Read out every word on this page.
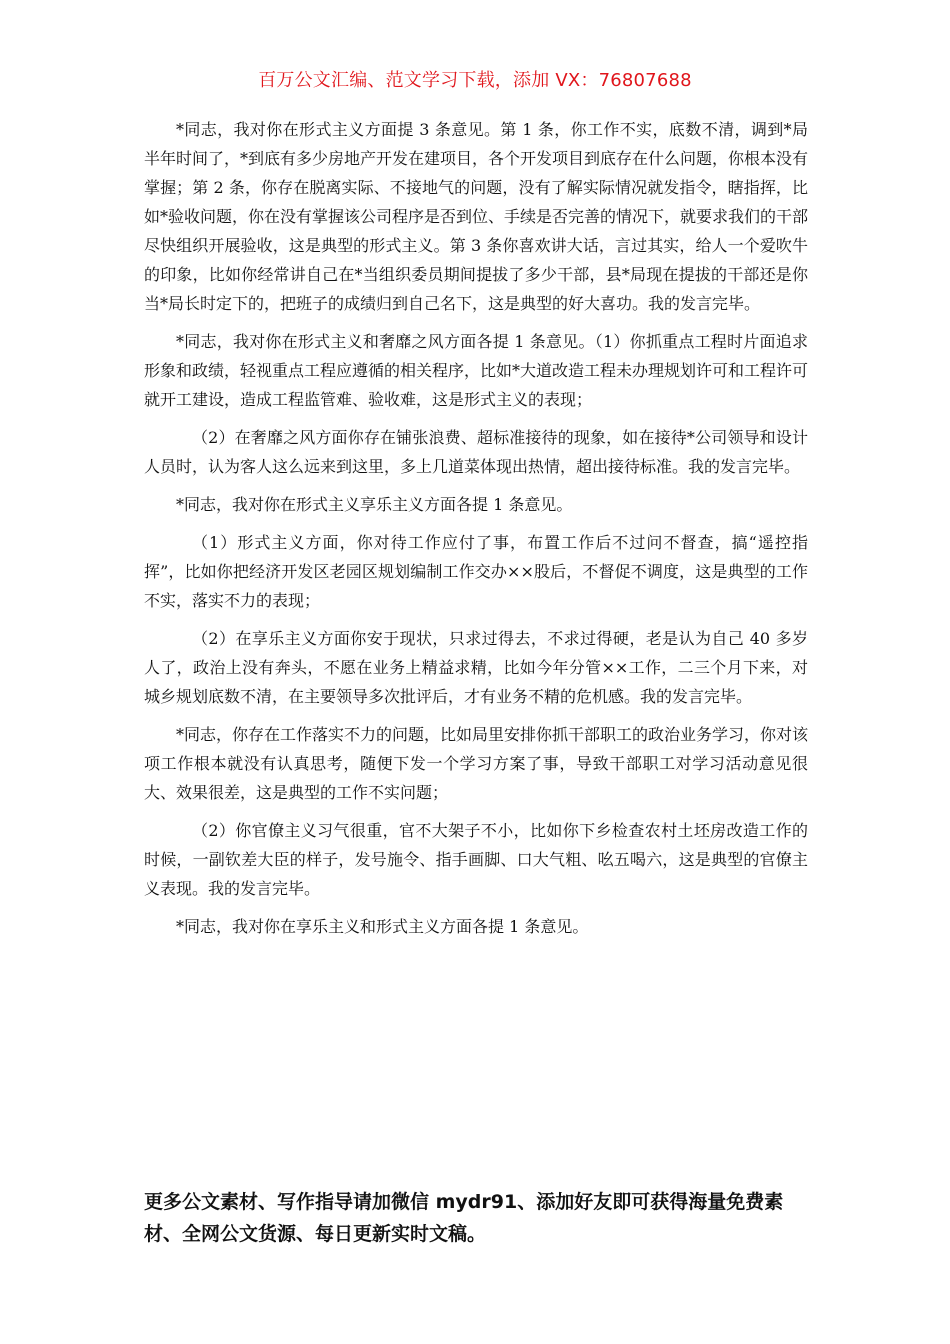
百万公文汇编、范文学习下载，添加 VX：76807688

*同志，我对你在形式主义方面提 3 条意见。第 1 条，你工作不实，底数不清，调到*局半年时间了，*到底有多少房地产开发在建项目，各个开发项目到底存在什么问题，你根本没有掌握；第 2 条，你存在脱离实际、不接地气的问题，没有了解实际情况就发指令，瞎指挥，比如*验收问题，你在没有掌握该公司程序是否到位、手续是否完善的情况下，就要求我们的干部尽快组织开展验收，这是典型的形式主义。第 3 条你喜欢讲大话，言过其实，给人一个爱吹牛的印象，比如你经常讲自己在*当组织委员期间提拔了多少干部，县*局现在提拔的干部还是你当*局长时定下的，把班子的成绩归到自己名下，这是典型的好大喜功。我的发言完毕。

*同志，我对你在形式主义和奢靡之风方面各提 1 条意见。（1）你抓重点工程时片面追求形象和政绩，轻视重点工程应遵循的相关程序，比如*大道改造工程未办理规划许可和工程许可就开工建设，造成工程监管难、验收难，这是形式主义的表现；

（2）在奢靡之风方面你存在铺张浪费、超标准接待的现象，如在接待*公司领导和设计人员时，认为客人这么远来到这里，多上几道菜体现出热情，超出接待标准。我的发言完毕。

*同志，我对你在形式主义享乐主义方面各提 1 条意见。

（1）形式主义方面，你对待工作应付了事，布置工作后不过问不督查，搞“遥控指挥”，比如你把经济开发区老园区规划编制工作交办××股后，不督促不调度，这是典型的工作不实，落实不力的表现；

（2）在享乐主义方面你安于现状，只求过得去，不求过得硬，老是认为自己 40 多岁人了，政治上没有奔头，不愿在业务上精益求精，比如今年分管××工作，二三个月下来，对城乡规划底数不清，在主要领导多次批评后，才有业务不精的危机感。我的发言完毕。

*同志，你存在工作落实不力的问题，比如局里安排你抓干部职工的政治业务学习，你对该项工作根本就没有认真思考，随便下发一个学习方案了事，导致干部职工对学习活动意见很大、效果很差，这是典型的工作不实问题；

（2）你官僚主义习气很重，官不大架子不小，比如你下乡检查农村土坯房改造工作的时候，一副钦差大臣的样子，发号施令、指手画脚、口大气粗、吆五喝六，这是典型的官僚主义表现。我的发言完毕。

*同志，我对你在享乐主义和形式主义方面各提 1 条意见。

更多公文素材、写作指导请加微信 mydr91、添加好友即可获得海量免费素材、全网公文货源、每日更新实时文稿。
